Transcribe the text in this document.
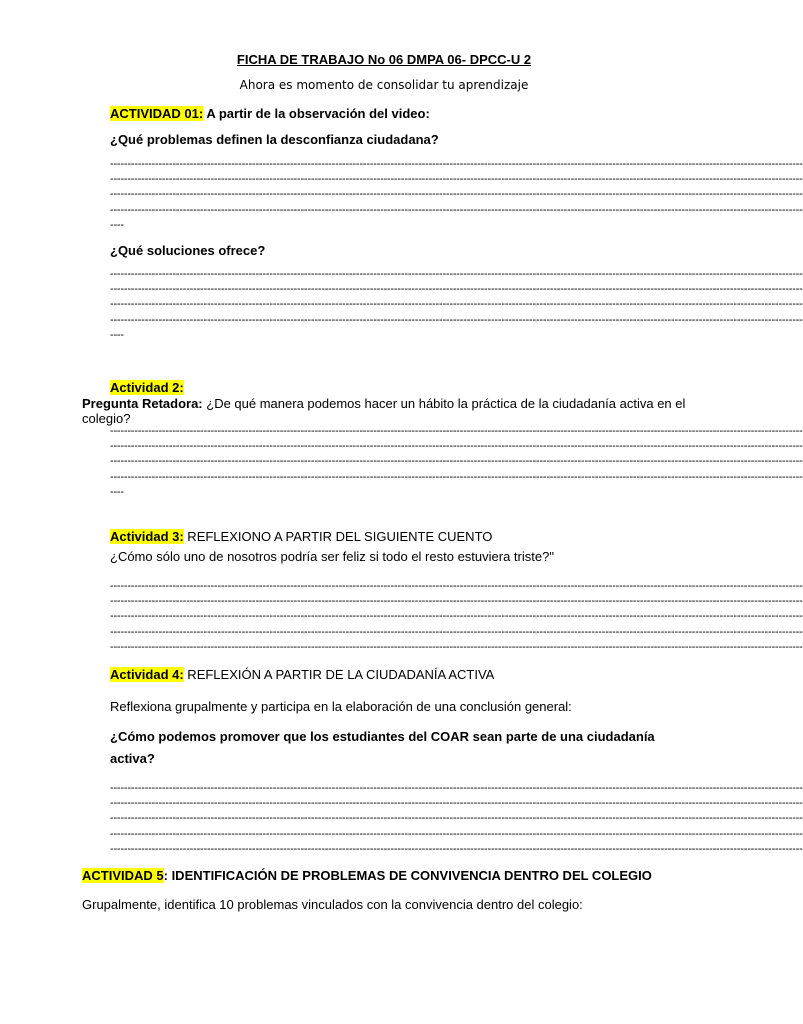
FICHA DE TRABAJO No 06 DMPA 06- DPCC-U 2
Ahora es momento de consolidar tu aprendizaje
ACTIVIDAD 01: A partir de la observación del video:
¿Qué problemas definen la desconfianza ciudadana?
--------------------------------------------------------------------------------------------------------------------------------------------------------------------------------------------------------
--------------------------------------------------------------------------------------------------------------------------------------------------------------------------------------------------------
--------------------------------------------------------------------------------------------------------------------------------------------------------------------------------------------------------
--------------------------------------------------------------------------------------------------------------------------------------------------------------------------------------------------------
----
¿Qué soluciones ofrece?
--------------------------------------------------------------------------------------------------------------------------------------------------------------------------------------------------------
--------------------------------------------------------------------------------------------------------------------------------------------------------------------------------------------------------
--------------------------------------------------------------------------------------------------------------------------------------------------------------------------------------------------------
--------------------------------------------------------------------------------------------------------------------------------------------------------------------------------------------------------
----
Actividad 2:
Pregunta Retadora: ¿De qué manera podemos hacer un hábito la práctica de la ciudadanía activa en el
colegio?
--------------------------------------------------------------------------------------------------------------------------------------------------------------------------------------------------------
--------------------------------------------------------------------------------------------------------------------------------------------------------------------------------------------------------
--------------------------------------------------------------------------------------------------------------------------------------------------------------------------------------------------------
--------------------------------------------------------------------------------------------------------------------------------------------------------------------------------------------------------
----
Actividad 3: REFLEXIONO A PARTIR DEL SIGUIENTE CUENTO
¿Cómo sólo uno de nosotros podría ser feliz si todo el resto estuviera triste?"
--------------------------------------------------------------------------------------------------------------------------------------------------------------------------------------------------------
--------------------------------------------------------------------------------------------------------------------------------------------------------------------------------------------------------
--------------------------------------------------------------------------------------------------------------------------------------------------------------------------------------------------------
--------------------------------------------------------------------------------------------------------------------------------------------------------------------------------------------------------
--------------------------------------------------------------------------------------------------------------------------------------------------------------------------------------------------------
Actividad 4: REFLEXIÓN A PARTIR DE LA CIUDADANÍA ACTIVA
Reflexiona grupalmente y participa en la elaboración de una conclusión general:
¿Cómo podemos promover que los estudiantes del COAR sean parte de una ciudadanía
activa?
--------------------------------------------------------------------------------------------------------------------------------------------------------------------------------------------------------
--------------------------------------------------------------------------------------------------------------------------------------------------------------------------------------------------------
--------------------------------------------------------------------------------------------------------------------------------------------------------------------------------------------------------
--------------------------------------------------------------------------------------------------------------------------------------------------------------------------------------------------------
--------------------------------------------------------------------------------------------------------------------------------------------------------------------------------------------------------
ACTIVIDAD 5: IDENTIFICACIÓN DE PROBLEMAS DE CONVIVENCIA DENTRO DEL COLEGIO
Grupalmente, identifica 10 problemas vinculados con la convivencia dentro del colegio:
